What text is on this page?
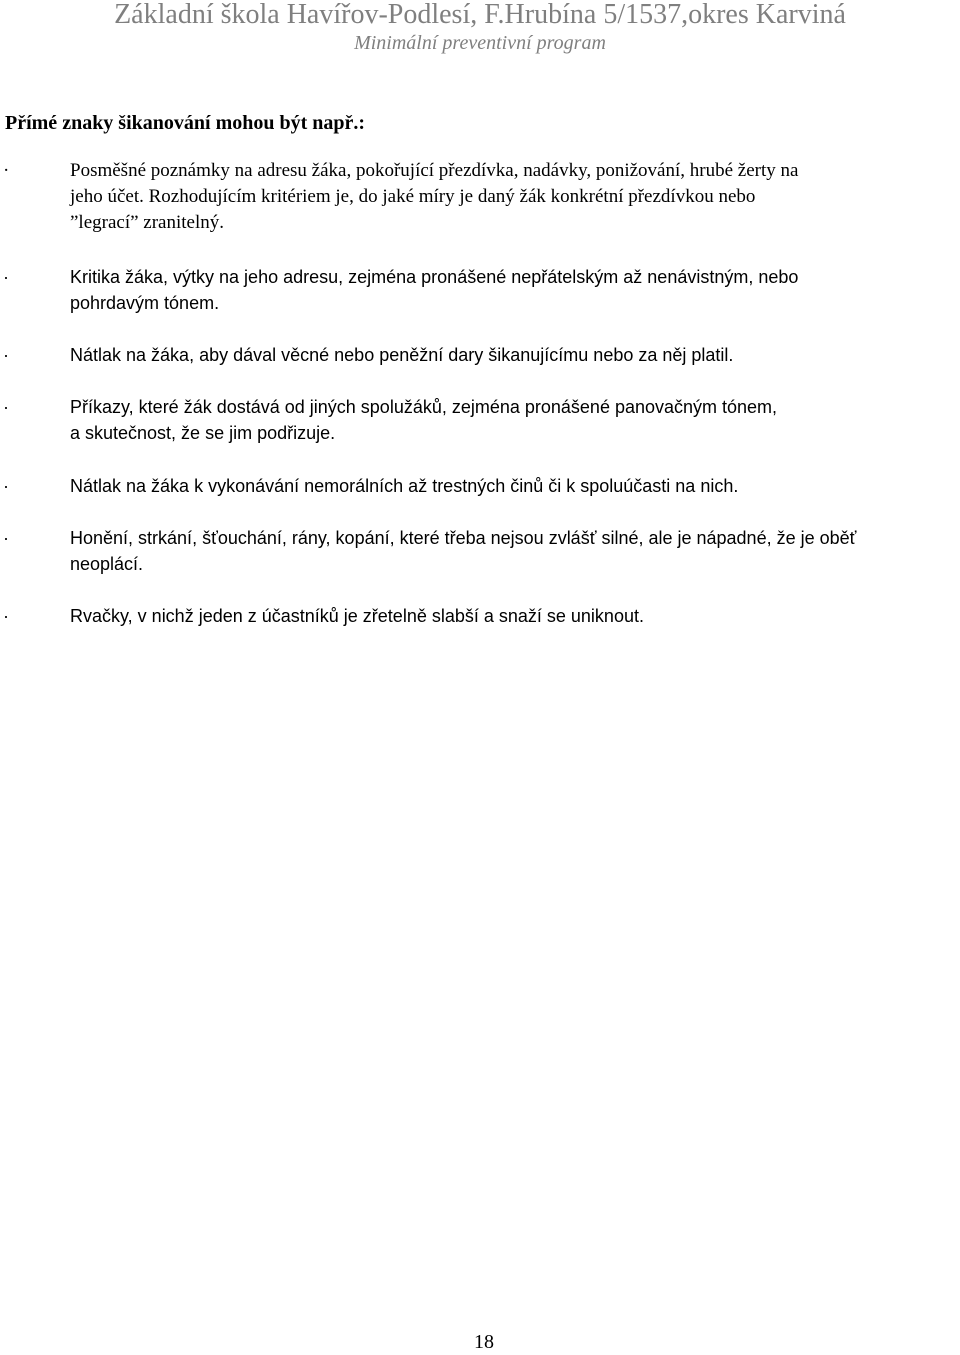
Základní škola Havířov-Podlesí, F.Hrubína 5/1537,okres Karviná
Minimální preventivní program
Přímé znaky šikanování mohou být např.:
·	Posměšné poznámky na adresu žáka, pokořující přezdívka, nadávky, ponižování, hrubé žerty na
jeho účet. Rozhodujícím kritériem je, do jaké míry je daný žák konkrétní přezdívkou nebo
”legrací” zranitelný.
·	Kritika žáka, výtky na jeho adresu, zejména pronášené nepřátelským až nenávistným, nebo
pohrdavým tónem.
·	Nátlak na žáka, aby dával věcné nebo peněžní dary šikanujícímu nebo za něj platil.
·	Příkazy, které žák dostává od jiných spolužáků, zejména pronášené panovačným tónem,
a skutečnost, že se jim podřizuje.
·	Nátlak na žáka k vykonávání nemorálních až trestných činů či k spoluúčasti na nich.
·	Honění, strkání, šťouchání, rány, kopání, které třeba nejsou zvlášť silné, ale je nápadné, že je oběť
neoplácí.
·	Rvačky, v nichž jeden z účastníků je zřetelně slabší a snaží se uniknout.
18
